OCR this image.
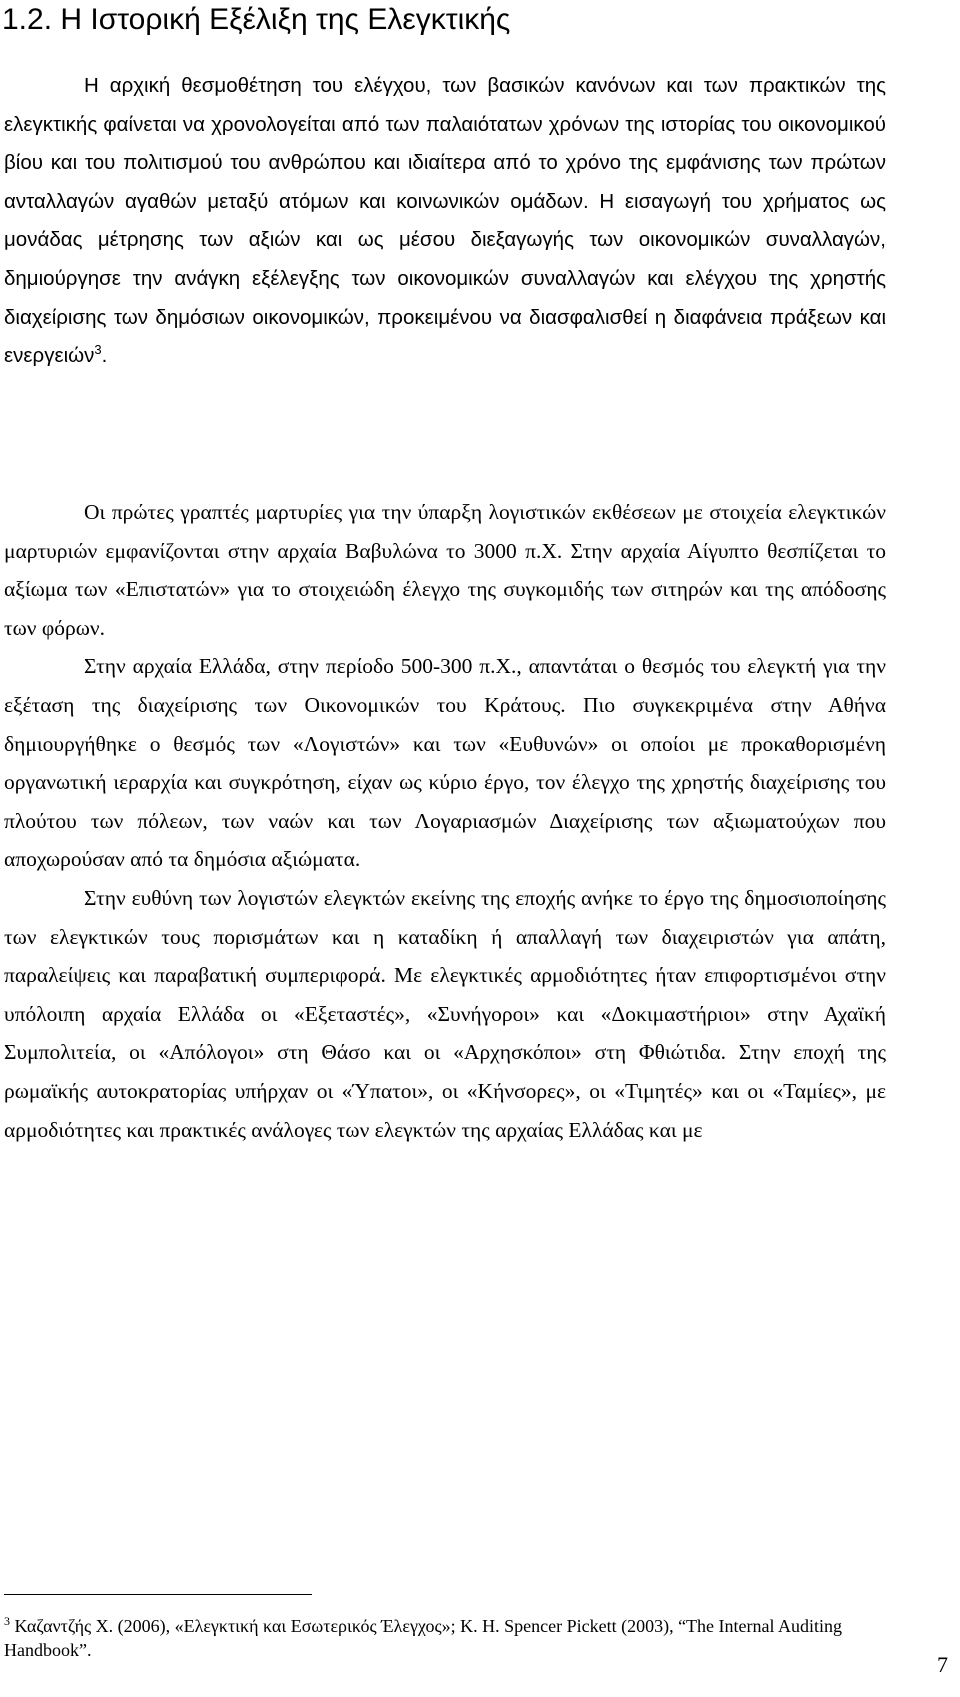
1.2. Η Ιστορική Εξέλιξη της Ελεγκτικής

Η αρχική θεσμοθέτηση του ελέγχου, των βασικών κανόνων και των πρακτικών της ελεγκτικής φαίνεται να χρονολογείται από των παλαιότατων χρόνων της ιστορίας του οικονομικού βίου και του πολιτισμού του ανθρώπου και ιδιαίτερα από το χρόνο της εμφάνισης των πρώτων ανταλλαγών αγαθών μεταξύ ατόμων και κοινωνικών ομάδων. Η εισαγωγή του χρήματος ως μονάδας μέτρησης των αξιών και ως μέσου διεξαγωγής των οικονομικών συναλλαγών, δημιούργησε την ανάγκη εξέλεγξης των οικονομικών συναλλαγών και ελέγχου της χρηστής διαχείρισης των δημόσιων οικονομικών, προκειμένου να διασφαλισθεί η διαφάνεια πράξεων και ενεργειών$^3$.

Οι πρώτες γραπτές μαρτυρίες για την ύπαρξη λογιστικών εκθέσεων με στοιχεία ελεγκτικών μαρτυριών εμφανίζονται στην αρχαία Βαβυλώνα το 3000 π.Χ. Στην αρχαία Αίγυπτο θεσπίζεται το αξίωμα των «Επιστατών» για το στοιχειώδη έλεγχο της συγκομιδής των σιτηρών και της απόδοσης των φόρων.

Στην αρχαία Ελλάδα, στην περίοδο 500-300 π.Χ., απαντάται ο θεσμός του ελεγκτή για την εξέταση της διαχείρισης των Οικονομικών του Κράτους. Πιο συγκεκριμένα στην Αθήνα δημιουργήθηκε ο θεσμός των «Λογιστών» και των «Ευθυνών» οι οποίοι με προκαθορισμένη οργανωτική ιεραρχία και συγκρότηση, είχαν ως κύριο έργο, τον έλεγχο της χρηστής διαχείρισης του πλούτου των πόλεων, των ναών και των Λογαριασμών Διαχείρισης των αξιωματούχων που αποχωρούσαν από τα δημόσια αξιώματα.

Στην ευθύνη των λογιστών ελεγκτών εκείνης της εποχής ανήκε το έργο της δημοσιοποίησης των ελεγκτικών τους πορισμάτων και η καταδίκη ή απαλλαγή των διαχειριστών για απάτη, παραλείψεις και παραβατική συμπεριφορά. Με ελεγκτικές αρμοδιότητες ήταν επιφορτισμένοι στην υπόλοιπη αρχαία Ελλάδα οι «Εξεταστές», «Συνήγοροι» και «Δοκιμαστήριοι» στην Αχαϊκή Συμπολιτεία, οι «Απόλογοι» στη Θάσο και οι «Αρχησκόποι» στη Φθιώτιδα. Στην εποχή της ρωμαϊκής αυτοκρατορίας υπήρχαν οι «Ύπατοι», οι «Κήνσορες», οι «Τιμητές» και οι «Ταμίες», με αρμοδιότητες και πρακτικές ανάλογες των ελεγκτών της αρχαίας Ελλάδας και με

$^3$ Καζαντζής Χ. (2006), «Ελεγκτική και Εσωτερικός Έλεγχος»; K. H. Spencer Pickett (2003), “The Internal Auditing Handbook”.
7
